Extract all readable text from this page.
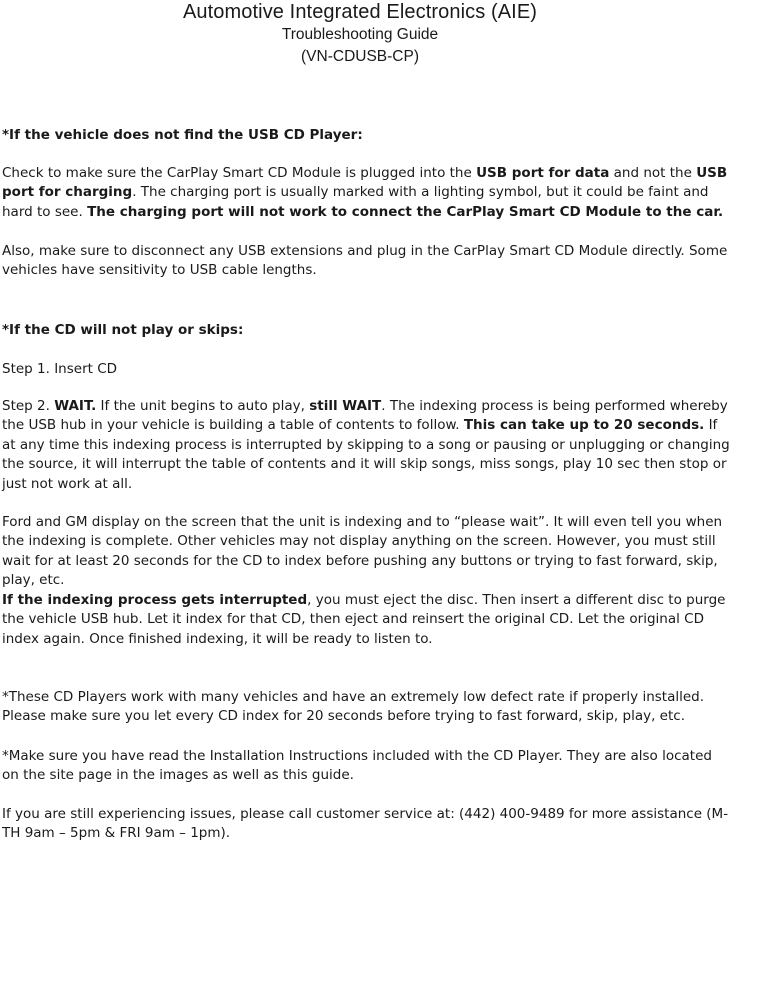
Automotive Integrated Electronics (AIE)

Troubleshooting Guide

(VN-CDUSB-CP)

*If the vehicle does not find the USB CD Player:

Check to make sure the CarPlay Smart CD Module is plugged into the USB port for data and not the USB port for charging. The charging port is usually marked with a lighting symbol, but it could be faint and hard to see. The charging port will not work to connect the CarPlay Smart CD Module to the car.

Also, make sure to disconnect any USB extensions and plug in the CarPlay Smart CD Module directly. Some vehicles have sensitivity to USB cable lengths.

*If the CD will not play or skips:

Step 1. Insert CD

Step 2. WAIT. If the unit begins to auto play, still WAIT. The indexing process is being performed whereby the USB hub in your vehicle is building a table of contents to follow. This can take up to 20 seconds. If at any time this indexing process is interrupted by skipping to a song or pausing or unplugging or changing the source, it will interrupt the table of contents and it will skip songs, miss songs, play 10 sec then stop or just not work at all.

Ford and GM display on the screen that the unit is indexing and to “please wait”. It will even tell you when the indexing is complete. Other vehicles may not display anything on the screen. However, you must still wait for at least 20 seconds for the CD to index before pushing any buttons or trying to fast forward, skip, play, etc.

If the indexing process gets interrupted, you must eject the disc. Then insert a different disc to purge the vehicle USB hub. Let it index for that CD, then eject and reinsert the original CD. Let the original CD index again. Once finished indexing, it will be ready to listen to.

*These CD Players work with many vehicles and have an extremely low defect rate if properly installed. Please make sure you let every CD index for 20 seconds before trying to fast forward, skip, play, etc.

*Make sure you have read the Installation Instructions included with the CD Player. They are also located on the site page in the images as well as this guide.

If you are still experiencing issues, please call customer service at: (442) 400-9489 for more assistance (M-TH 9am – 5pm & FRI 9am – 1pm).
